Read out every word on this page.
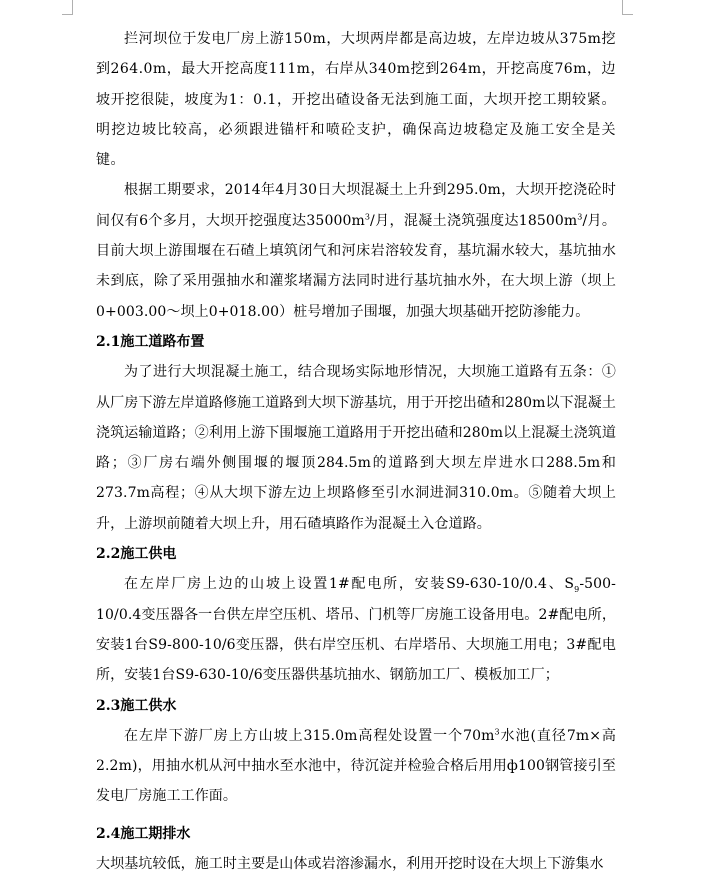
拦河坝位于发电厂房上游150m，大坝两岸都是高边坡，左岸边坡从375m挖到264.0m，最大开挖高度111m，右岸从340m挖到264m，开挖高度76m，边坡开挖很陡，坡度为1：0.1，开挖出碴设备无法到施工面，大坝开挖工期较紧。明挖边坡比较高，必须跟进锚杆和喷砼支护，确保高边坡稳定及施工安全是关键。

根据工期要求，2014年4月30日大坝混凝土上升到295.0m，大坝开挖浇砼时间仅有6个多月，大坝开挖强度达$35000m^3/$月，混凝土浇筑强度达$18500m^3/$月。目前大坝上游围堰在石碴上填筑闭气和河床岩溶较发育，基坑漏水较大，基坑抽水未到底，除了采用强抽水和灌浆堵漏方法同时进行基坑抽水外，在大坝上游（坝上0+003.00～坝上0+018.00）桩号增加子围堰，加强大坝基础开挖防渗能力。

2.1施工道路布置

为了进行大坝混凝土施工，结合现场实际地形情况，大坝施工道路有五条：①从厂房下游左岸道路修施工道路到大坝下游基坑，用于开挖出碴和280m以下混凝土浇筑运输道路；②利用上游下围堰施工道路用于开挖出碴和280m以上混凝土浇筑道路；③厂房右端外侧围堰的堰顶284.5m的道路到大坝左岸进水口288.5m和273.7m高程；④从大坝下游左边上坝路修至引水洞进洞310.0m。⑤随着大坝上升，上游坝前随着大坝上升，用石碴填路作为混凝土入仓道路。

2.2施工供电

在左岸厂房上边的山坡上设置1#配电所，安装S9-630-10/0.4、$S_9-500-10/0.4$变压器各一台供左岸空压机、塔吊、门机等厂房施工设备用电。2#配电所，安装1台S9-800-10/6变压器，供右岸空压机、右岸塔吊、大坝施工用电；3#配电所，安装1台S9-630-10/6变压器供基坑抽水、钢筋加工厂、模板加工厂；

2.3施工供水

在左岸下游厂房上方山坡上315.0m高程处设置一个$70m^3$水池(直径7m×高2.2m)，用抽水机从河中抽水至水池中，待沉淀并检验合格后用用ф100钢管接引至发电厂房施工工作面。

2.4施工期排水

大坝基坑较低，施工时主要是山体或岩溶渗漏水，利用开挖时设在大坝上下游集水
